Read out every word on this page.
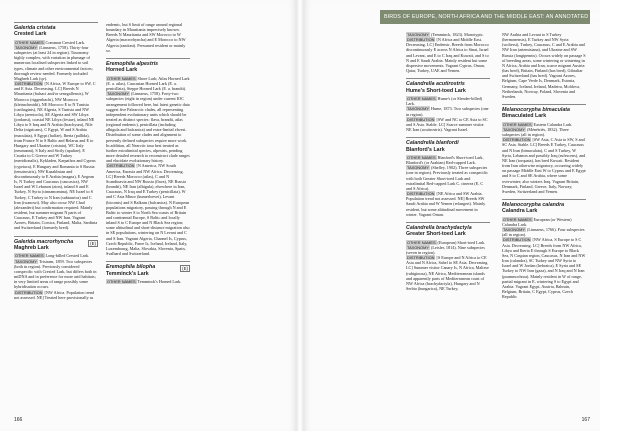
Galerida cristata
Crested Lark

OTHER NAMES Common Crested Lark.

TAXONOMY (Linnaeus, 1758). Thirty-four subspecies (at least 24 in region). Taxonomy highly complex, with variation in plumage of numerous localised subspecies linked to soil types, climate and other environmental factors; thorough review needed. Formerly included Maghreb Lark (qv).

DISTRIBUTION [N Africa, W Europe to SW, C and E Asia. Decreasing. LC] Breeds N Mauritania (balsaci and/or senegallensis), W Morocco (riggenbachi), NW Morocco (kleinschmidti), NE Morocco E to N Tunisia (carthaginis), NE Algeria, S Tunisia and NW Libya (arenicola), SE Algeria and SW Libya (jordansi), coastal NE Libya (festae), inland NE Libya to S Iraq and N Arabia (brachyura), Nile Delta (nigricans), C Egypt, W and S Arabia (maculata), S Egypt (halfae), Iberia (pallida), from France N to S Baltic and Belarus and E to Hungary and Ukraine (cristata), WC Italy (neumanni), S Italy and Sicily (apuliae), E Croatia to C Greece and W Turkey (meridionalis), Kykladen, Karpathos and Cyprus (cypriaca), E Hungary and Romania to S Russia (tenuirostris), NW Kazakhstan and discontinuously to E Arabia (magna), E Aegean Is, N Turkey and Caucasus (caucasica), NW Israel and W Lebanon (zion), inland S and E Turkey, N Syria (cinnamomina), NE Israel to S Turkey, C Turkey to N Iran (subtaurica) and C Iran (iwanowi). May also occur NW Chad (alexanderi) but confirmation required. Mainly resident, but summer migrant N parts of Caucasus, E Turkey and NW Iran. Vagrant Azores, Britain, Corsica, Finland, Malta, Sardinia and Switzerland (formerly bred).

Galerida macrorhyncha
Maghreb Lark
(E)

OTHER NAMES Long-billed Crested Lark.

TAXONOMY Tristram, 1859. Two subspecies (both in region). Previously considered conspecific with Crested Lark, but differs both in mtDNA and in preference for more arid habitats; in very limited areas of range possibly some hybridisation occurs.

DISTRIBUTION [NW Africa. Population trend not assessed. NE] Treated here provisionally as

endemic, but S limit of range around regional boundary in Mauritania imprecisely known. Breeds N Mauritania and SW Morocco to W Algeria (macrorhyncha) and E Morocco to NW Algeria (randoni). Presumed resident or mainly so.

Eremophila alpestris
Horned Lark

OTHER NAMES Shore Lark; Atlas Horned Lark (E. a. atlas), Caucasian Horned Lark (E. a. penicillata), Steppe Horned Lark (E. a. brandti).

TAXONOMY (Linnaeus, 1758). Forty-two subspecies (eight in region) under current IOC arrangement followed here, but latest genetic data suggest five Palearctic clades, all representing independent evolutionary units which should be treated as distinct species: flava, brandti, atlas (regional endemic), penicillata (including albigula and balcanica) and extra-limital elwesi. Distribution of some clades and alignment to presently defined subspecies require more work. In addition, all Nearctic taxa best treated as further extralimital species, alpestris, pending more detailed research to reconstruct clade ranges and elucidate evolutionary history.

DISTRIBUTION [N America, NW South America, Eurasia and NW Africa. Decreasing. LC] Breeds Morocco (atlas), C and N Scandinavia and NW Russia (flava), NE Russia (brandti), NE Iran (albigula), elsewhere in Iran, Caucasus, N Iraq and E Turkey (penicillata), W and C Asia Minor (kumerloevei), Levant (bicornis) and S Balkans (balcanica). N European populations migratory, passing through N and E Baltic to winter S to North Sea coasts of Britain and continental Europe, S Baltic and locally inland S to C Europe and N Black Sea region; some altitudinal and short-distance migration also in SE populations, wintering on N Levant and C and S Iran. Vagrant Algeria, Channel Is, Cyprus, Czech Republic, Faroe Is, Iceland, Ireland, Italy, Luxembourg, Malta, Slovakia, Slovenia, Spain, Svalbard and Switzerland.

Eremophila bilopha
Temminck's Lark
(E)

OTHER NAMES Temminck's Horned Lark.

166
BIRDS OF EUROPE, NORTH AFRICA AND THE MIDDLE EAST: AN ANNOTATED CHECKLIST

TAXONOMY (Temminck, 1823). Monotypic.

DISTRIBUTION [N Africa and Middle East. Decreasing. LC] Endemic. Breeds from Morocco discontinuously E across N Africa to Sinai, Israel and Levant, and E to C Iraq and Kuwait, and S to N and E Saudi Arabia. Mainly resident but some dispersive movements. Vagrant Cyprus, Oman, Qatar, Turkey, UAE and Yemen.

Calandrella acutirostris
Hume's Short-toed Lark

OTHER NAMES Hume's (or Slender-billed) Lark.

TAXONOMY Hume, 1873. Two subspecies (one in region).

DISTRIBUTION [SW and NC to CE Asia to SC and S Asia. Stable. LC] Scarce summer visitor NE Iran (acutirostris). Vagrant Israel.

Calandrella blanfordi
Blanford's Lark

OTHER NAMES Blanford's Short-toed Lark, Blanford's (or Arabian) Red-capped Lark.

TAXONOMY (Shelley, 1902). Three subspecies (one in region). Previously treated as conspecific with both Greater Short-toed Lark and extralimital Red-capped Lark C. cinerea (E, C and S Africa).

DISTRIBUTION [NE Africa and SW Arabia. Population trend not assessed. NE] Breeds SW Saudi Arabia and W Yemen (erlangeri). Mainly resident, but some altitudinal movement in winter. Vagrant Oman.

Calandrella brachydactyla
Greater Short-toed Lark

OTHER NAMES (European) Short-toed Lark.

TAXONOMY (Leisler, 1814). Nine subspecies (seven in region).

DISTRIBUTION [S Europe and N Africa to CE Asia and N Africa, Sahel to SE Asia. Decreasing. LC] Summer visitor Canary Is, N Africa, Maltese (rubiginosa), NE Africa, Mediterranean islands and apparently parts of Mediterranean coast of NW Africa (brachydactyla), Hungary and N Serbia (hungarica), NE Turkey,

NW Arabia and Levant to S Turkey (hermonensis), E Turkey and NW Syria (woltersi), Turkey, Caucasus, C and E Arabia and NW Iran (artemisiana), and Ukraine and SW Russia (longipennis). Occurs widely on passage S of breeding areas, some wintering or wintering in N Africa, Arabia and Iran, scarce migrant Austria (has bred), Britain, Finland (has bred), Gibraltar and Switzerland (has bred). Vagrant Azores, Belgium, Cape Verde Is, Denmark, Estonia, Germany, Iceland, Ireland, Madeira, Moldova, Netherlands, Norway, Poland, Slovenia and Sweden.

Melanocorypha bimaculata
Bimaculated Lark

OTHER NAMES Eastern Calandra Lark.

TAXONOMY (Ménétriés, 1832). Three subspecies (all in region).

DISTRIBUTION [SW Asia, C Asia to SW, S and SC Asia. Stable. LC] Breeds E Turkey, Caucasus and N Iran (bimaculata), C and S Turkey, W Syria, Lebanon and possibly Iraq (rufescens), and NE Iran (torquata), has bred Kuwait. Resident from Iran otherwise migratory, occurring widely on passage Middle East W to Cyprus and E Egypt and S to C and SE Arabia, where some overwinter; also winters Iraq. Vagrant Britain, Denmark, Finland, Greece, Italy, Norway, Sweden, Switzerland and Yemen.

Melanocorypha calandra
Calandra Lark

OTHER NAMES European (or Western) Calandra Lark.

TAXONOMY (Linnaeus, 1766). Four subspecies (all in region).

DISTRIBUTION [NW Africa, S Europe to S C Asia. Decreasing. LC] Breeds from NW Africa, Libya and Iberia E through S Europe to Black Sea, N Caspian region, Caucasus, N Iran and NW Iran (calandra), SC Turkey and NW Syria to Israel and W Jordan (hebraica), E Syria and SE Turkey to NW Iran (gaza), and N Iraq and N Iran (psammochroa). Mainly resident in W of range, partial migrant in E, wintering S to Egypt and Arabia. Vagrant Egypt, Austria, Bahrain, Belgium, Britain, C Egypt, Cyprus, Czech Republic

167
